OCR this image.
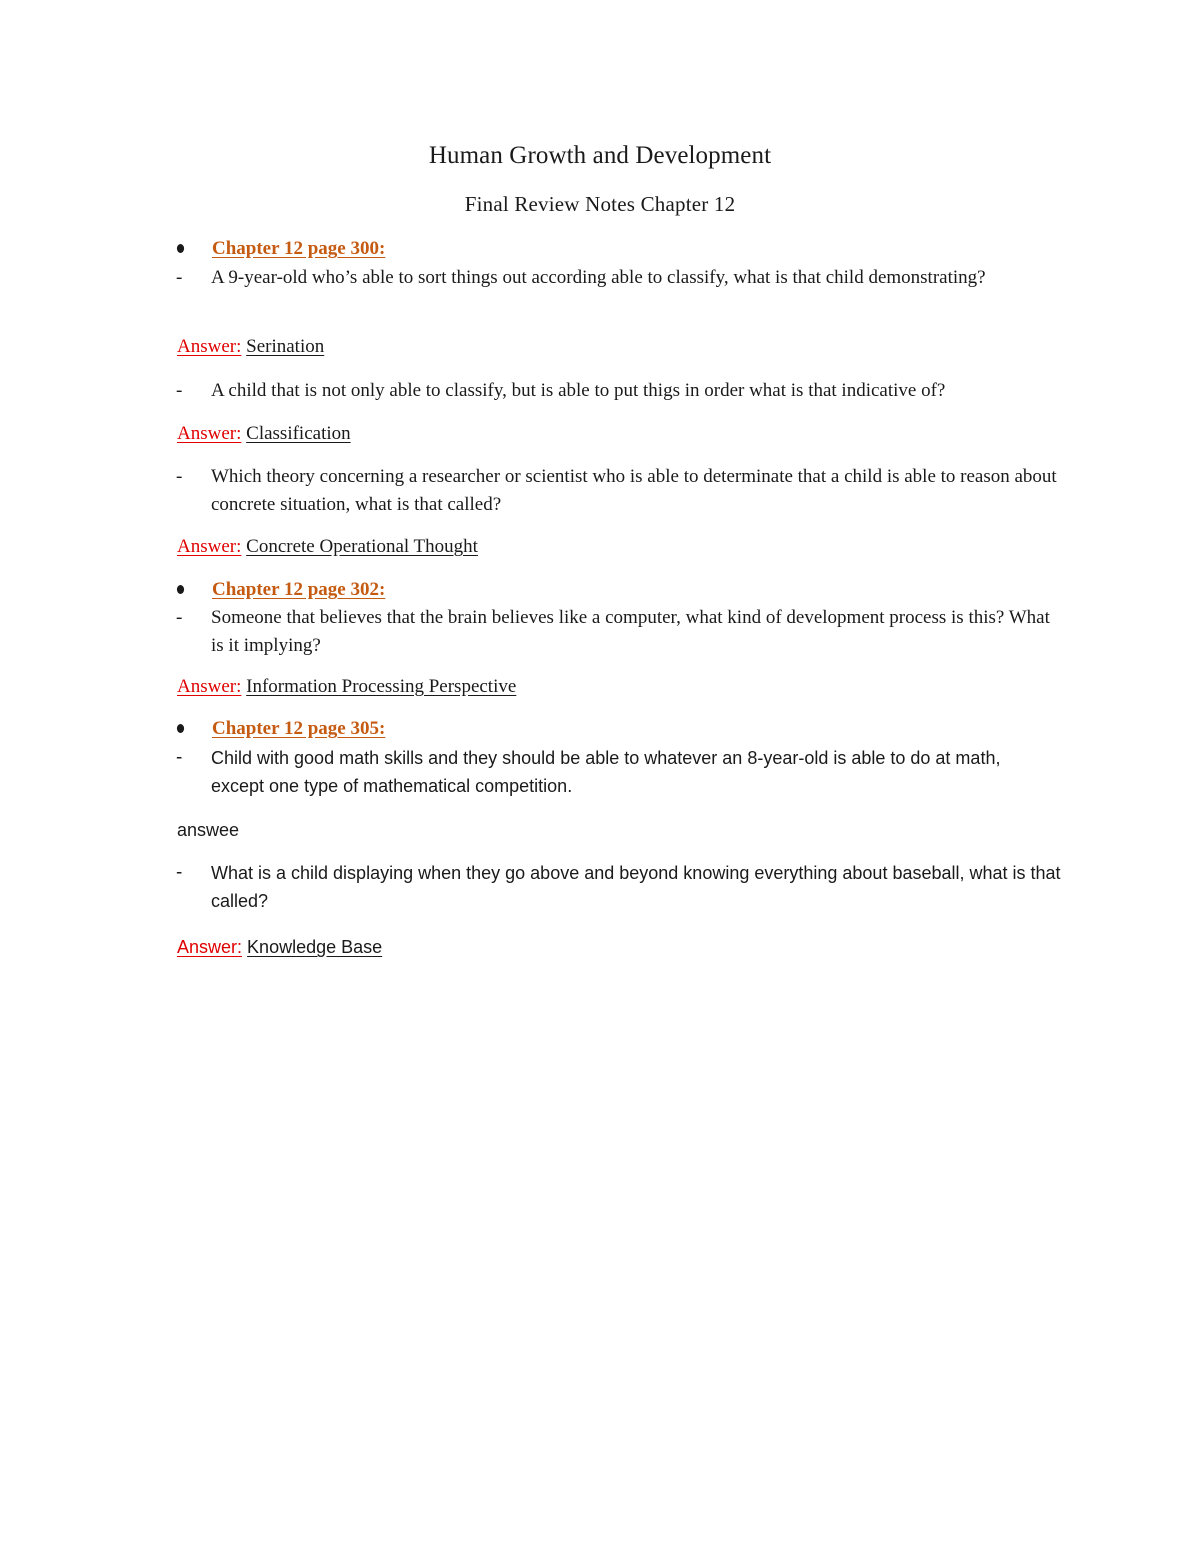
Human Growth and Development
Final Review Notes Chapter 12
Chapter 12 page 300:
- A 9-year-old who’s able to sort things out according able to classify, what is that child demonstrating?
Answer: Serination
- A child that is not only able to classify, but is able to put thigs in order what is that indicative of?
Answer: Classification
- Which theory concerning a researcher or scientist who is able to determinate that a child is able to reason about concrete situation, what is that called?
Answer: Concrete Operational Thought
Chapter 12 page 302:
- Someone that believes that the brain believes like a computer, what kind of development process is this? What is it implying?
Answer: Information Processing Perspective
Chapter 12 page 305:
- Child with good math skills and they should be able to whatever an 8-year-old is able to do at math, except one type of mathematical competition.
answee
- What is a child displaying when they go above and beyond knowing everything about baseball, what is that called?
Answer: Knowledge Base
